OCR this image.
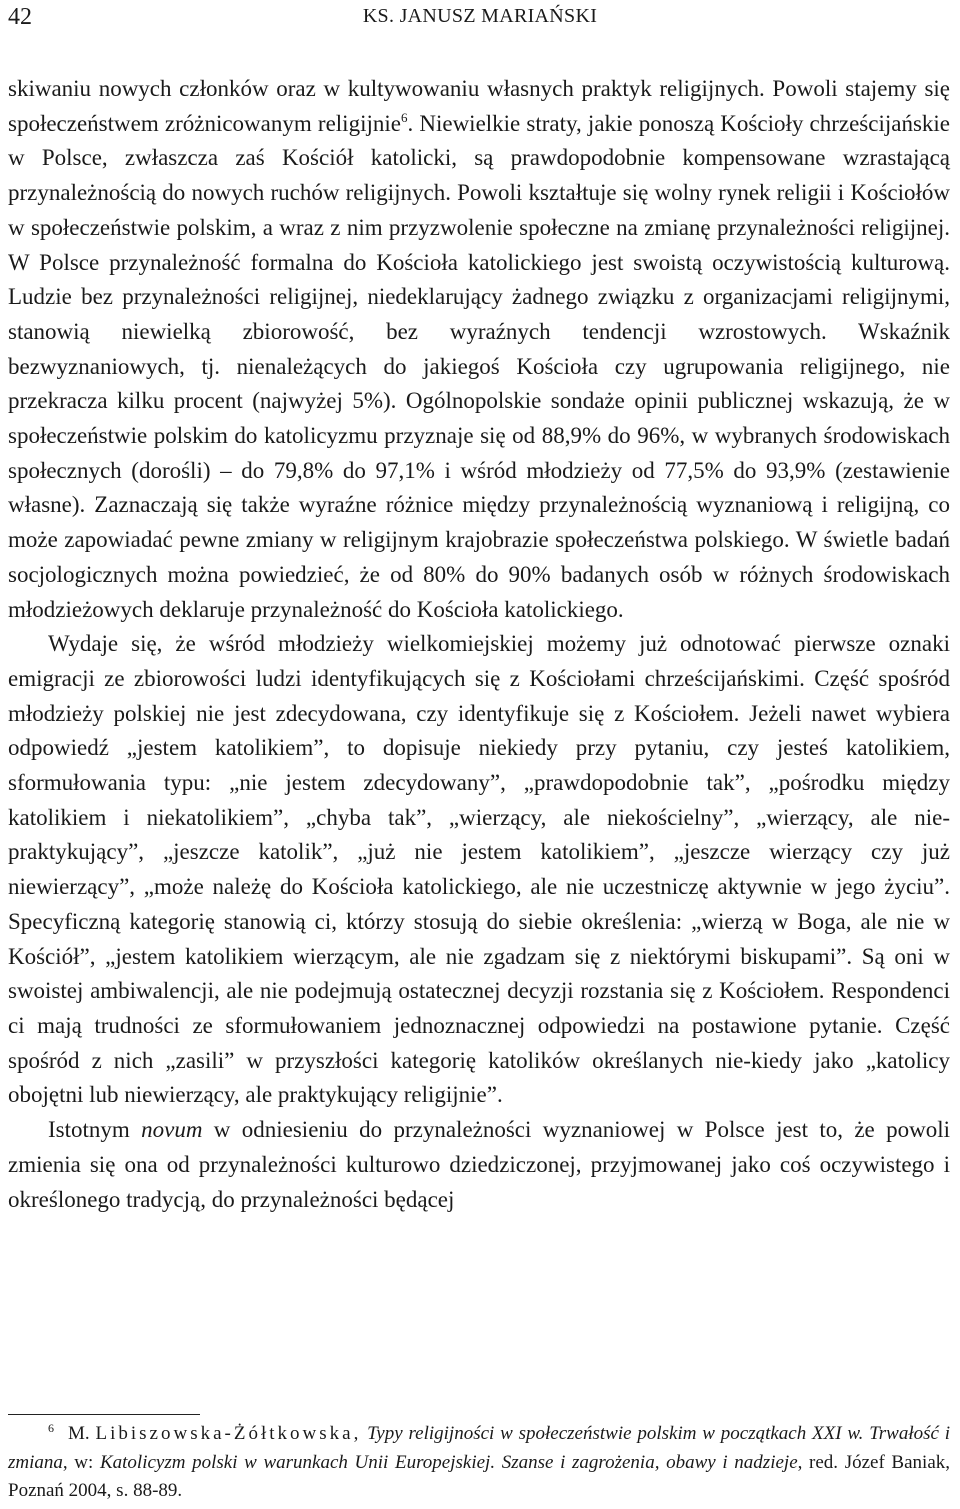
42	KS. JANUSZ MARIAŃSKI

skiwaniu nowych członków oraz w kultywowaniu własnych praktyk religijnych. Powoli stajemy się społeczeństwem zróżnicowanym religijnie$^6$. Niewielkie straty, jakie ponoszą Kościoły chrześcijańskie w Polsce, zwłaszcza zaś Kościół katolicki, są prawdopodobnie kompensowane wzrastającą przynależnością do nowych ruchów religijnych. Powoli kształtuje się wolny rynek religii i Kościołów w społeczeństwie polskim, a wraz z nim przyzwolenie społeczne na zmianę przynależności religijnej. W Polsce przynależność formalna do Kościoła katolickiego jest swoistą oczywistością kulturową. Ludzie bez przynależności religijnej, niedeklarujący żadnego związku z organizacjami religijnymi, stanowią niewielką zbiorowość, bez wyraźnych tendencji wzrostowych. Wskaźnik bezwyznaniowych, tj. nienależących do jakiegoś Kościoła czy ugrupowania religijnego, nie przekracza kilku procent (najwyżej 5%). Ogólnopolskie sondaże opinii publicznej wskazują, że w społeczeństwie polskim do katolicyzmu przyznaje się od 88,9% do 96%, w wybranych środowiskach społecznych (dorośli) – do 79,8% do 97,1% i wśród młodzieży od 77,5% do 93,9% (zestawienie własne). Zaznaczają się także wyraźne różnice między przynależnością wyznaniową i religijną, co może zapowiadać pewne zmiany w religijnym krajobrazie społeczeństwa polskiego. W świetle badań socjologicznych można powiedzieć, że od 80% do 90% badanych osób w różnych środowiskach młodzieżowych deklaruje przynależność do Kościoła katolickiego.

Wydaje się, że wśród młodzieży wielkomiejskiej możemy już odnotować pierwsze oznaki emigracji ze zbiorowości ludzi identyfikujących się z Kościołami chrześcijańskimi. Część spośród młodzieży polskiej nie jest zdecydowana, czy identyfikuje się z Kościołem. Jeżeli nawet wybiera odpowiedź „jestem katolikiem”, to dopisuje niekiedy przy pytaniu, czy jesteś katolikiem, sformułowania typu: „nie jestem zdecydowany”, „prawdopodobnie tak”, „pośrodku między katolikiem i niekatolikiem”, „chyba tak”, „wierzący, ale niekościelny”, „wierzący, ale nie-praktykujący”, „jeszcze katolik”, „już nie jestem katolikiem”, „jeszcze wierzący czy już niewierzący”, „może należę do Kościoła katolickiego, ale nie uczestniczę aktywnie w jego życiu”. Specyficzną kategorię stanowią ci, którzy stosują do siebie określenia: „wierzą w Boga, ale nie w Kościół”, „jestem katolikiem wierzącym, ale nie zgadzam się z niektórymi biskupami”. Są oni w swoistej ambiwalencji, ale nie podejmują ostatecznej decyzji rozstania się z Kościołem. Respondenci ci mają trudności ze sformułowaniem jednoznacznej odpowiedzi na postawione pytanie. Część spośród z nich „zasili” w przyszłości kategorię katolików określanych nie-kiedy jako „katolicy obojętni lub niewierzący, ale praktykujący religijnie”.

Istotnym novum w odniesieniu do przynależności wyznaniowej w Polsce jest to, że powoli zmienia się ona od przynależności kulturowo dziedziczonej, przyjmowanej jako coś oczywistego i określonego tradycją, do przynależności będącej

$^6$ M. Libiszowska-Żółtkowska, Typy religijności w społeczeństwie polskim w początkach XXI w. Trwałość i zmiana, w: Katolicyzm polski w warunkach Unii Europejskiej. Szanse i zagrożenia, obawy i nadzieje, red. Józef Baniak, Poznań 2004, s. 88-89.
